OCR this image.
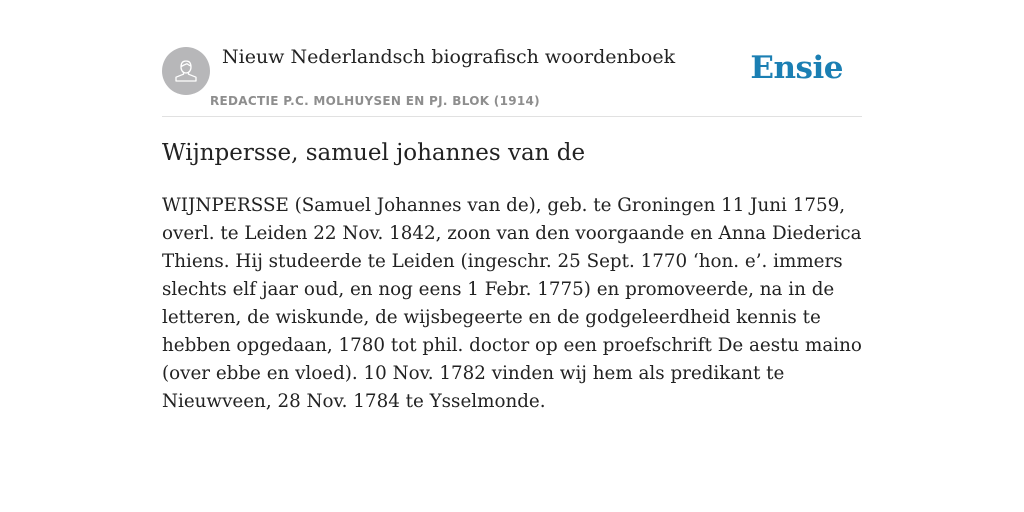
Nieuw Nederlandsch biografisch woordenboek
REDACTIE P.C. MOLHUYSEN EN PJ. BLOK (1914)
Ensie
Wijnpersse, samuel johannes van de

WIJNPERSSE (Samuel Johannes van de), geb. te Groningen 11 Juni 1759, overl. te Leiden 22 Nov. 1842, zoon van den voorgaande en Anna Diederica Thiens. Hij studeerde te Leiden (ingeschr. 25 Sept. 1770 ‘hon. e’. immers slechts elf jaar oud, en nog eens 1 Febr. 1775) en promoveerde, na in de letteren, de wiskunde, de wijsbegeerte en de godgeleerdheid kennis te hebben opgedaan, 1780 tot phil. doctor op een proefschrift De aestu maino (over ebbe en vloed). 10 Nov. 1782 vinden wij hem als predikant te Nieuwveen, 28 Nov. 1784 te Ysselmonde.
